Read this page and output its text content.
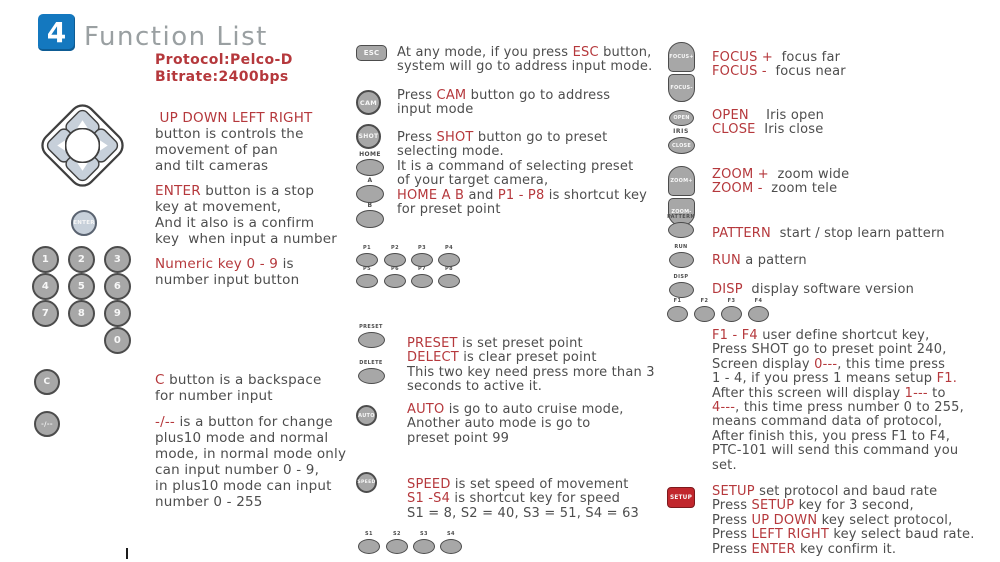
4 Function List
Protocol:Pelco-D
Bitrate:2400bps
UP DOWN LEFT RIGHT
button is controls the
movement of pan
and tilt cameras
ENTER
ENTER button is a stop
key at movement,
And it also is a confirm
key  when input a number
Numeric key 0 - 9 is
number input button
1	2	3
4	5	6
7	8	9
0
C	C button is a backspace
for number input
-/--	-/-- is a button for change
plus10 mode and normal
mode, in normal mode only
can input number 0 - 9,
in plus10 mode can input
number 0 - 255
ESC	At any mode, if you press ESC button,
system will go to address input mode.
CAM	Press CAM button go to address
input mode
SHOT Press SHOT button go to preset
selecting mode.
It is a command of selecting preset
of your target camera,
HOME A B and P1 - P8 is shortcut key
for preset point
HOME
A
B
P1	P2	P3	P4
P5	P6	P7	P8
PRESET
DELETE
PRESET is set preset point
DELECT is clear preset point
This two key need press more than 3
seconds to active it.
AUTO AUTO is go to auto cruise mode,
Another auto mode is go to
preset point 99
SPEED SPEED is set speed of movement
S1 -S4 is shortcut key for speed
S1 = 8, S2 = 40, S3 = 51, S4 = 63
S1	S2	S3	S4
FOCUS+
FOCUS-
FOCUS +  focus far
FOCUS -  focus near
OPEN
IRIS
CLOSE
OPEN    Iris open
CLOSE  Iris close
ZOOM+
ZOOM-
ZOOM +  zoom wide
ZOOM -  zoom tele
PATTERN
PATTERN  start / stop learn pattern
RUN
RUN a pattern
DISP
DISP  display software version
F1	F2	F3	F4
F1 - F4 user define shortcut key,
Press SHOT go to preset point 240,
Screen display 0---, this time press
1 - 4, if you press 1 means setup F1.
After this screen will display 1--- to
4---, this time press number 0 to 255,
means command data of protocol,
After finish this, you press F1 to F4,
PTC-101 will send this command you
set.
SETUP SETUP set protocol and baud rate
Press SETUP key for 3 second,
Press UP DOWN key select protocol,
Press LEFT RIGHT key select baud rate.
Press ENTER key confirm it.
